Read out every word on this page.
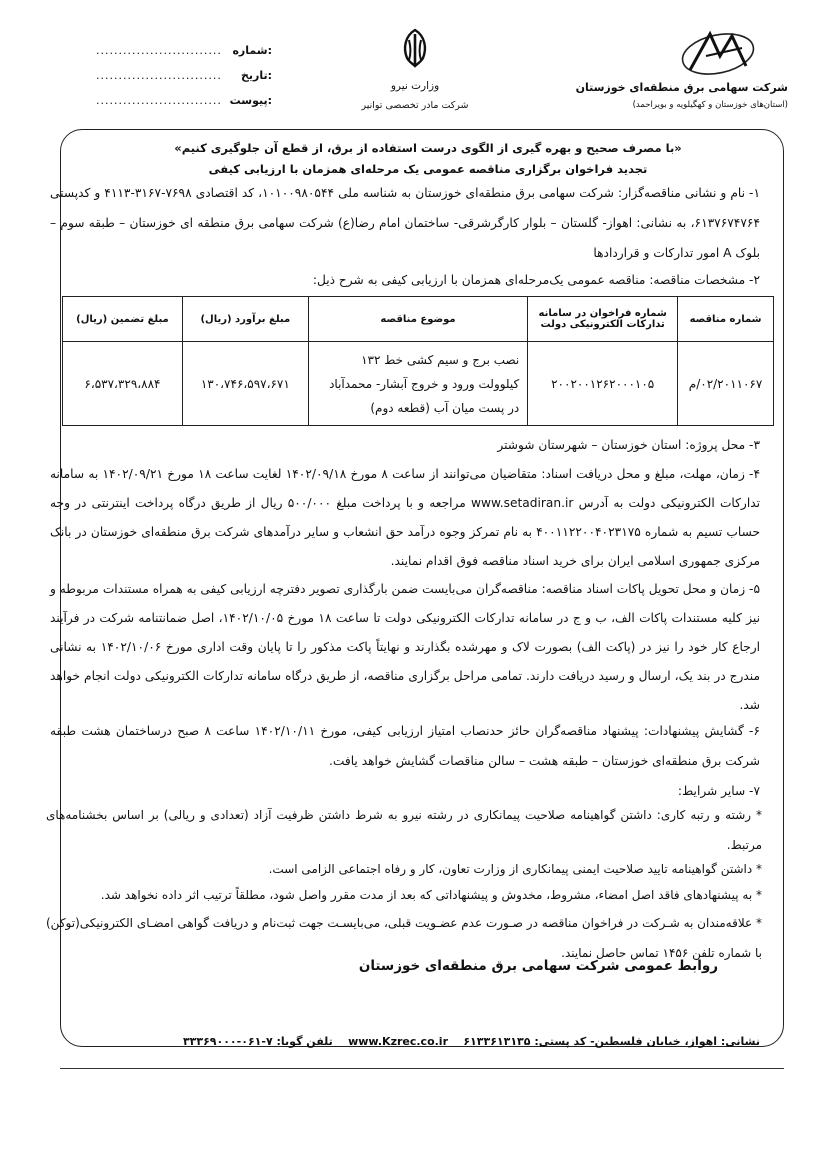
شرکت سهامی برق منطقه‌ای خوزستان
(استان‌های خوزستان و کهگیلویه و بویراحمد)
وزارت نیرو
شرکت مادر تخصصی توانیر
:شماره
............................
:تاریخ
............................
:پیوست
............................
«با مصرف صحیح و بهره گیری از الگوی درست استفاده از برق، از قطع آن جلوگیری کنیم»
تجدید فراخوان برگزاری مناقصه عمومی یک مرحله‌ای همزمان با ارزیابی کیفی
۱- نام و نشانی مناقصه‌گزار: شرکت سهامی برق منطقه‌ای خوزستان به شناسه ملی ۱۰۱۰۰۹۸۰۵۴۴، کد اقتصادی ۷۶۹۸-۳۱۶۷-۴۱۱۳ و کدپستی ۶۱۳۷۶۷۴۷۶۴، به نشانی: اهواز- گلستان – بلوار کارگرشرقی- ساختمان امام رضا(ع) شرکت سهامی برق منطقه ای خوزستان – طبقه سوم – بلوک A امور تدارکات و قراردادها
۲- مشخصات مناقصه: مناقصه عمومی یک‌مرحله‌ای همزمان با ارزیابی کیفی به شرح ذیل:
شماره مناقصه	شماره فراخوان در سامانه تدارکات الکترونیکی دولت	موضوع مناقصه	مبلغ برآورد (ریال)	مبلغ تضمین (ریال)
۰۲/۲۰۱۱۰۶۷/م	۲۰۰۲۰۰۱۲۶۲۰۰۰۱۰۵	نصب برج و سیم کشی خط ۱۳۲ کیلوولت ورود و خروج آبشار- محمدآباد در پست میان آب (قطعه دوم)	۱۳۰،۷۴۶،۵۹۷،۶۷۱	۶،۵۳۷،۳۲۹،۸۸۴
۳- محل پروژه: استان خوزستان – شهرستان شوشتر
۴- زمان، مهلت، مبلغ و محل دریافت اسناد: متقاضیان می‌توانند از ساعت ۸ مورخ ۱۴۰۲/۰۹/۱۸ لغایت ساعت ۱۸ مورخ ۱۴۰۲/۰۹/۲۱ به سامانه تدارکات الکترونیکی دولت به آدرس www.setadiran.ir مراجعه و با پرداخت مبلغ ۵۰۰/۰۰۰ ریال از طریق درگاه پرداخت اینترنتی در وجه حساب تسیم به شماره ۴۰۰۱۱۲۲۰۰۴۰۲۳۱۷۵ به نام تمرکز وجوه درآمد حق انشعاب و سایر درآمدهای شرکت برق منطقه‌ای خوزستان در بانک مرکزی جمهوری اسلامی ایران برای خرید اسناد مناقصه فوق اقدام نمایند.
۵- زمان و محل تحویل پاکات اسناد مناقصه: مناقصه‌گران می‌بایست ضمن بارگذاری تصویر دفترچه ارزیابی کیفی به همراه مستندات مربوطه و نیز کلیه مستندات پاکات الف، ب و ج در سامانه تدارکات الکترونیکی دولت تا ساعت ۱۸ مورخ ۱۴۰۲/۱۰/۰۵، اصل ضمانتنامه شرکت در فرآیند ارجاع کار خود را نیز در (پاکت الف) بصورت لاک و مهرشده بگذارند و نهایتاً پاکت مذکور را تا پایان وقت اداری مورخ ۱۴۰۲/۱۰/۰۶ به نشانی مندرج در بند یک، ارسال و رسید دریافت دارند. تمامی مراحل برگزاری مناقصه، از طریق درگاه سامانه تدارکات الکترونیکی دولت انجام خواهد شد.
۶- گشایش پیشنهادات: پیشنهاد مناقصه‌گران حائز حدنصاب امتیاز ارزیابی کیفی، مورخ ۱۴۰۲/۱۰/۱۱ ساعت ۸ صبح درساختمان هشت طبقه شرکت برق منطقه‌ای خوزستان – طبقه هشت – سالن مناقصات گشایش خواهد یافت.
۷- سایر شرایط:
* رشته و رتبه کاری: داشتن گواهینامه صلاحیت پیمانکاری در رشته نیرو به شرط داشتن ظرفیت آزاد (تعدادی و ریالی) بر اساس بخشنامه‌های مرتبط.
* داشتن گواهینامه تایید صلاحیت ایمنی پیمانکاری از وزارت تعاون، کار و رفاه اجتماعی الزامی است.
* به پیشنهادهای فاقد اصل امضاء، مشروط، مخدوش و پیشنهاداتی که بعد از مدت مقرر واصل شود، مطلقاً ترتیب اثر داده نخواهد شد.
* علاقه‌مندان به شـرکت در فراخوان مناقصه در صـورت عدم عضـویت قبلی، می‌بایسـت جهت ثبت‌نام و دریافت گواهی امضـای الکترونیکی(توکن) با شماره تلفن ۱۴۵۶ تماس حاصل نمایند.
روابط عمومی شرکت سهامی برق منطقه‌ای خوزستان
نشانی: اهواز، خیابان فلسطین- کد پستی: ۶۱۳۳۶۱۳۱۳۵    www.Kzrec.co.ir    تلفن گویا: ۷-۰۶۱-۳۳۳۶۹۰۰۰
